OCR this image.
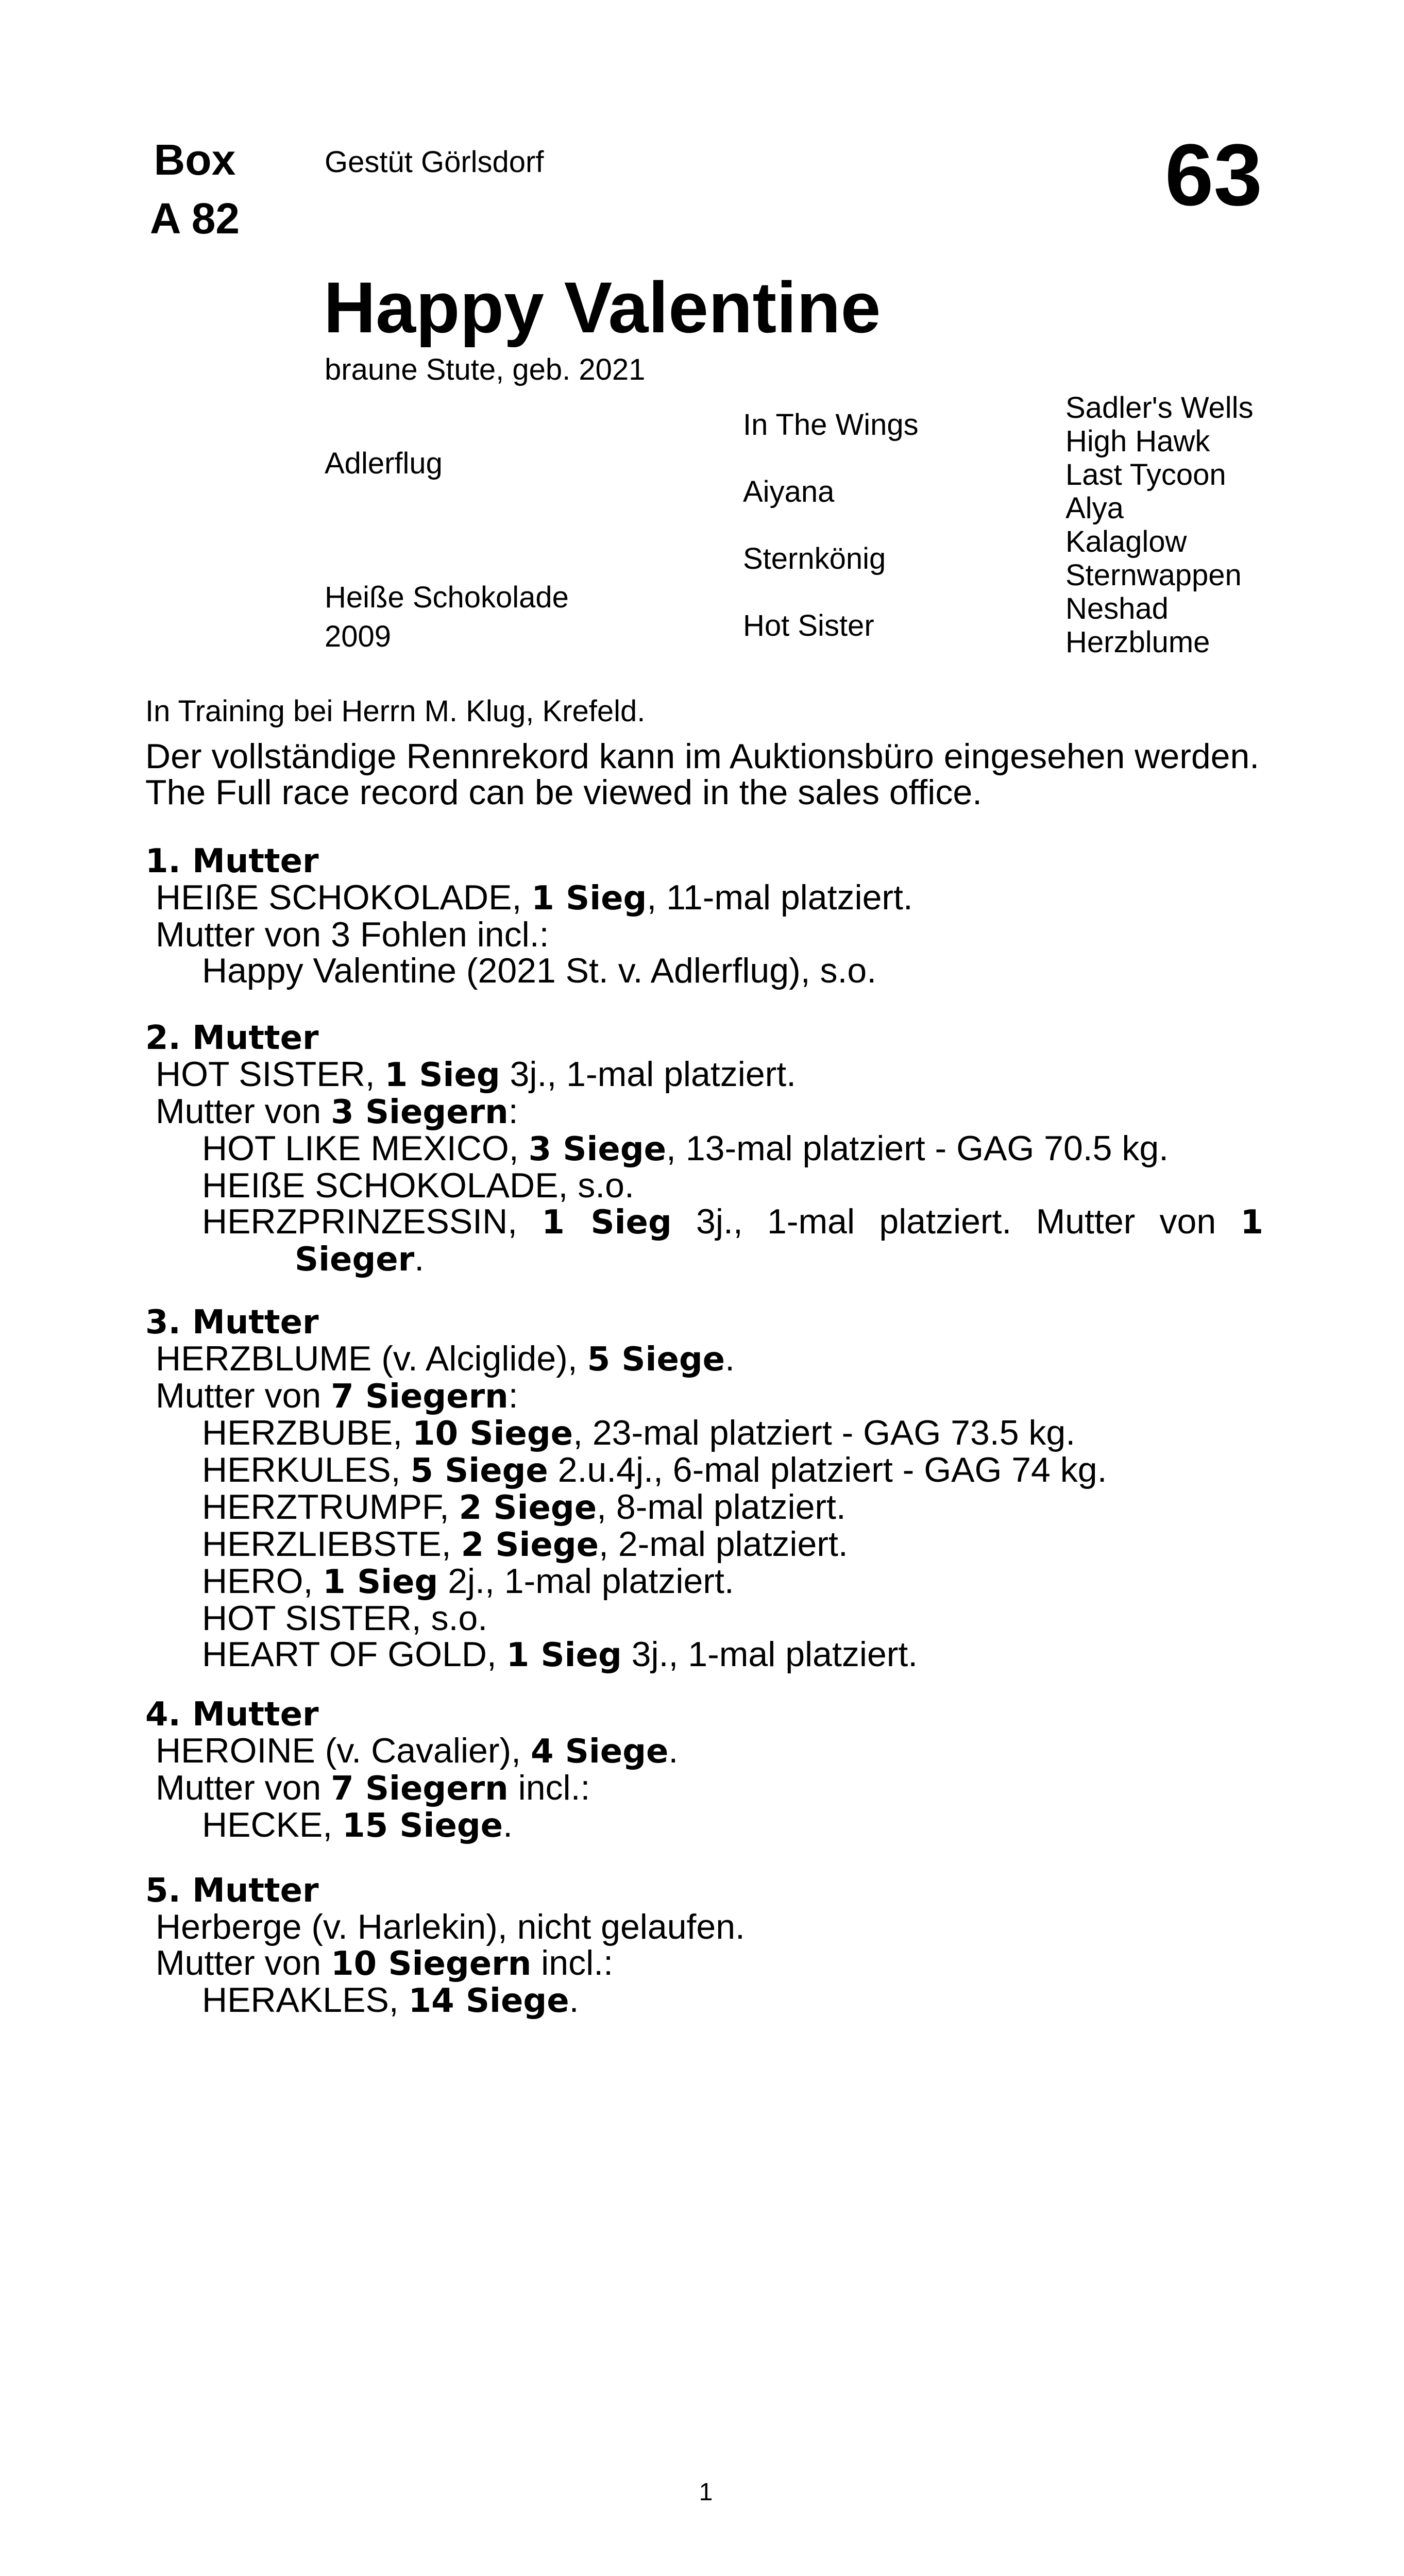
Box
A 82
Gestüt Görlsdorf	63
Happy Valentine
braune Stute, geb. 2021
Adlerflug
Heiße Schokolade
2009
In The Wings
Aiyana
Sternkönig
Hot Sister
Sadler's Wells
High Hawk
Last Tycoon
Alya
Kalaglow
Sternwappen
Neshad
Herzblume
In Training bei Herrn M. Klug, Krefeld.
Der vollständige Rennrekord kann im Auktionsbüro eingesehen werden.
The Full race record can be viewed in the sales office.
1. Mutter
HEIßE SCHOKOLADE, 1 Sieg, 11-mal platziert.
Mutter von 3 Fohlen incl.:
Happy Valentine (2021 St. v. Adlerflug), s.o.
2. Mutter
HOT SISTER, 1 Sieg 3j., 1-mal platziert.
Mutter von 3 Siegern:
HOT LIKE MEXICO, 3 Siege, 13-mal platziert - GAG 70.5 kg.
HEIßE SCHOKOLADE, s.o.
HERZPRINZESSIN, 1 Sieg 3j., 1-mal platziert. Mutter von 1
Sieger.
3. Mutter
HERZBLUME (v. Alciglide), 5 Siege.
Mutter von 7 Siegern:
HERZBUBE, 10 Siege, 23-mal platziert - GAG 73.5 kg.
HERKULES, 5 Siege 2.u.4j., 6-mal platziert - GAG 74 kg.
HERZTRUMPF, 2 Siege, 8-mal platziert.
HERZLIEBSTE, 2 Siege, 2-mal platziert.
HERO, 1 Sieg 2j., 1-mal platziert.
HOT SISTER, s.o.
HEART OF GOLD, 1 Sieg 3j., 1-mal platziert.
4. Mutter
HEROINE (v. Cavalier), 4 Siege.
Mutter von 7 Siegern incl.:
HECKE, 15 Siege.
5. Mutter
Herberge (v. Harlekin), nicht gelaufen.
Mutter von 10 Siegern incl.:
HERAKLES, 14 Siege.
1
